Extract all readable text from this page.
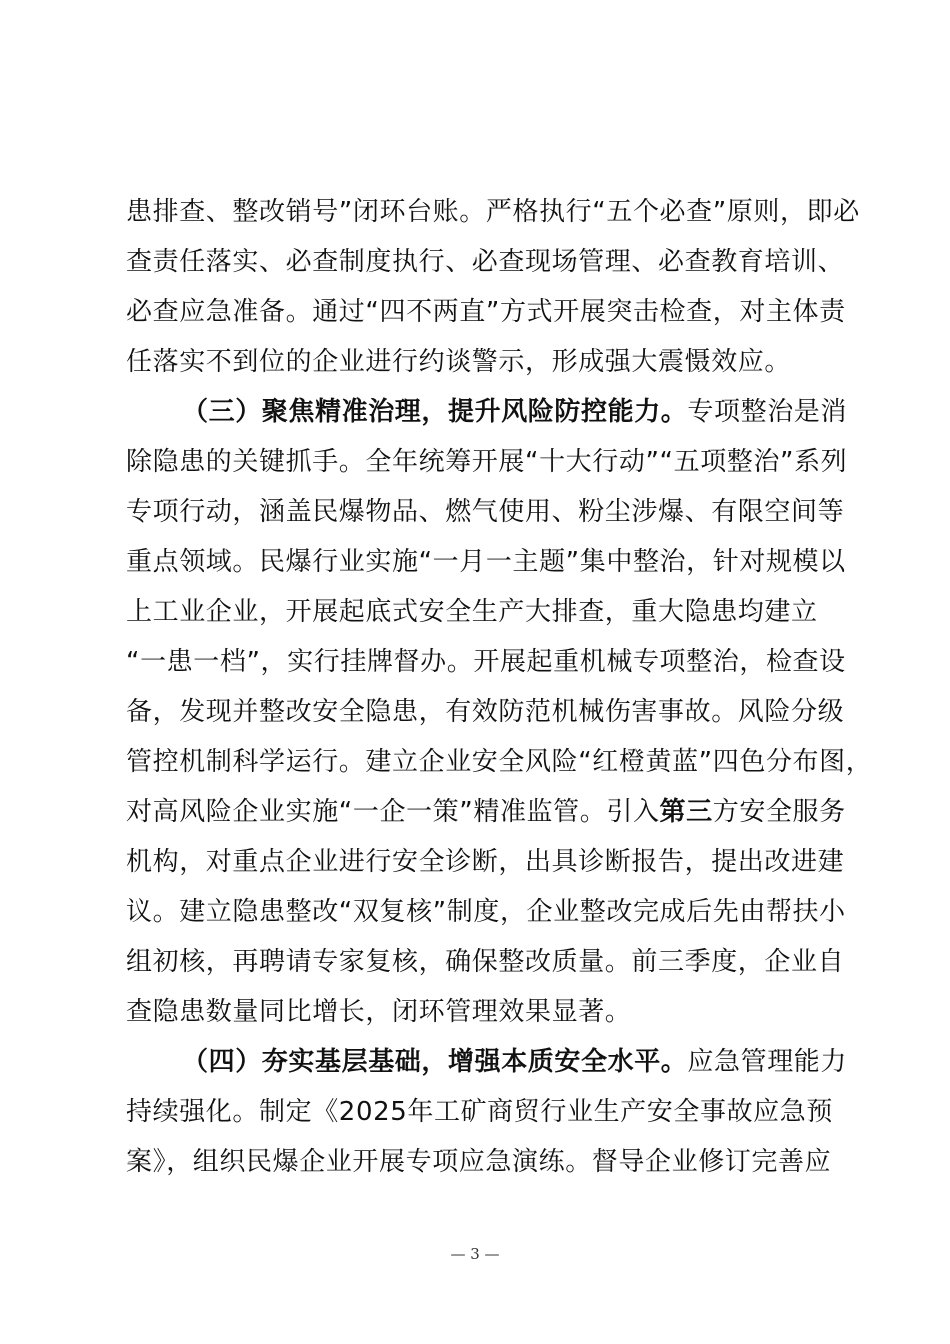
患排查、整改销号”闭环台账。严格执行“五个必查”原则，即必
查责任落实、必查制度执行、必查现场管理、必查教育培训、
必查应急准备。通过“四不两直”方式开展突击检查，对主体责
任落实不到位的企业进行约谈警示，形成强大震慑效应。
（三）聚焦精准治理，提升风险防控能力。专项整治是消
除隐患的关键抓手。全年统筹开展“十大行动”“五项整治”系列
专项行动，涵盖民爆物品、燃气使用、粉尘涉爆、有限空间等
重点领域。民爆行业实施“一月一主题”集中整治，针对规模以
上工业企业，开展起底式安全生产大排查，重大隐患均建立
“一患一档”，实行挂牌督办。开展起重机械专项整治，检查设
备，发现并整改安全隐患，有效防范机械伤害事故。风险分级
管控机制科学运行。建立企业安全风险“红橙黄蓝”四色分布图，
对高风险企业实施“一企一策”精准监管。引入第三方安全服务
机构，对重点企业进行安全诊断，出具诊断报告，提出改进建
议。建立隐患整改“双复核”制度，企业整改完成后先由帮扶小
组初核，再聘请专家复核，确保整改质量。前三季度，企业自
查隐患数量同比增长，闭环管理效果显著。
（四）夯实基层基础，增强本质安全水平。应急管理能力
持续强化。制定《2025年工矿商贸行业生产安全事故应急预
案》，组织民爆企业开展专项应急演练。督导企业修订完善应
— 3 —
